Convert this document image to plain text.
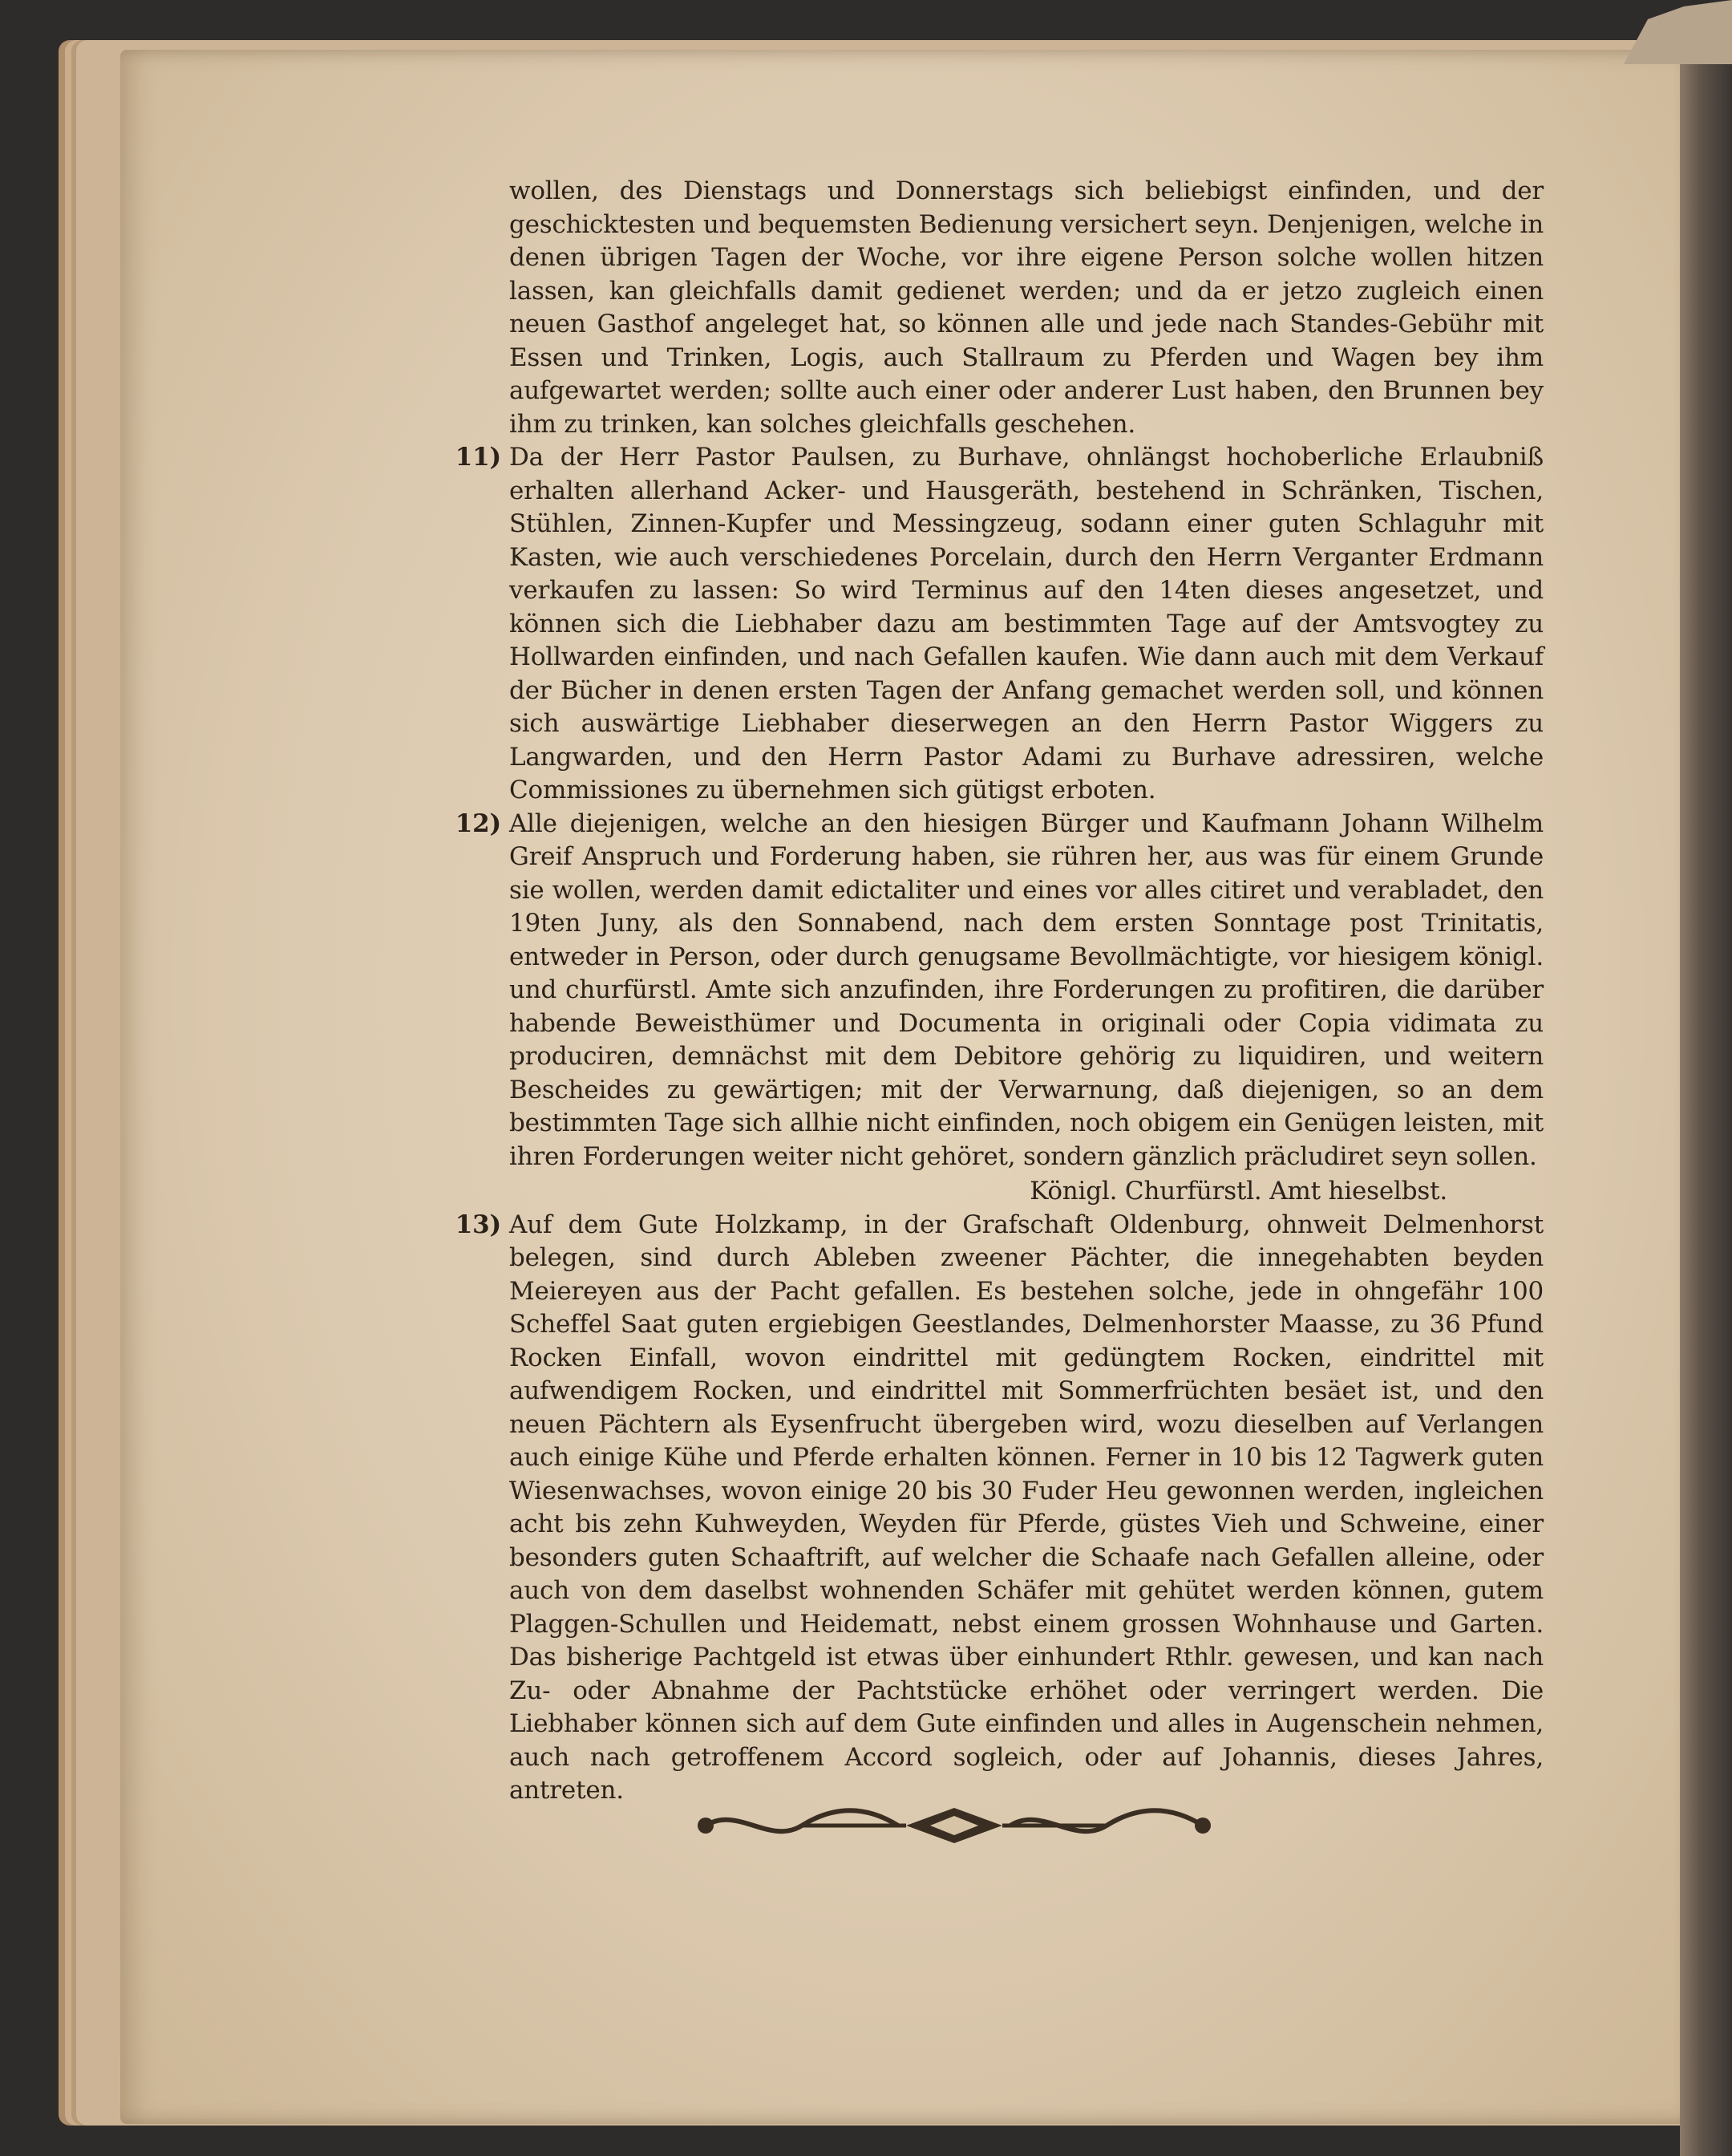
wollen, des Dienstags und Donnerstags sich beliebigst einfinden, und der geschicktesten und bequemsten Bedienung versichert seyn. Denjenigen, welche in denen übrigen Tagen der Woche, vor ihre eigene Person solche wollen hitzen lassen, kan gleichfalls damit gedienet werden; und da er jetzo zugleich einen neuen Gasthof angeleget hat, so können alle und jede nach Standes-Gebühr mit Essen und Trinken, Logis, auch Stallraum zu Pferden und Wagen bey ihm aufgewartet werden; sollte auch einer oder anderer Lust haben, den Brunnen bey ihm zu trinken, kan solches gleichfalls geschehen.
11) Da der Herr Pastor Paulsen, zu Burhave, ohnlängst hochoberliche Erlaubniß erhalten allerhand Acker- und Hausgeräth, bestehend in Schränken, Tischen, Stühlen, Zinnen-Kupfer und Messingzeug, sodann einer guten Schlaguhr mit Kasten, wie auch verschiedenes Porcelain, durch den Herrn Verganter Erdmann verkaufen zu lassen: So wird Terminus auf den 14ten dieses angesetzet, und können sich die Liebhaber dazu am bestimmten Tage auf der Amtsvogtey zu Hollwarden einfinden, und nach Gefallen kaufen. Wie dann auch mit dem Verkauf der Bücher in denen ersten Tagen der Anfang gemachet werden soll, und können sich auswärtige Liebhaber dieserwegen an den Herrn Pastor Wiggers zu Langwarden, und den Herrn Pastor Adami zu Burhave adressiren, welche Commissiones zu übernehmen sich gütigst erboten.
12) Alle diejenigen, welche an den hiesigen Bürger und Kaufmann Johann Wilhelm Greif Anspruch und Forderung haben, sie rühren her, aus was für einem Grunde sie wollen, werden damit edictaliter und eines vor alles citiret und verabladet, den 19ten Juny, als den Sonnabend, nach dem ersten Sonntage post Trinitatis, entweder in Person, oder durch genugsame Bevollmächtigte, vor hiesigem königl. und churfürstl. Amte sich anzufinden, ihre Forderungen zu profitiren, die darüber habende Beweisthümer und Documenta in originali oder Copia vidimata zu produciren, demnächst mit dem Debitore gehörig zu liquidiren, und weitern Bescheides zu gewärtigen; mit der Verwarnung, daß diejenigen, so an dem bestimmten Tage sich allhie nicht einfinden, noch obigem ein Genügen leisten, mit ihren Forderungen weiter nicht gehöret, sondern gänzlich präcludiret seyn sollen.
Königl. Churfürstl. Amt hieselbst.
13) Auf dem Gute Holzkamp, in der Grafschaft Oldenburg, ohnweit Delmenhorst belegen, sind durch Ableben zweener Pächter, die innegehabten beyden Meiereyen aus der Pacht gefallen. Es bestehen solche, jede in ohngefähr 100 Scheffel Saat guten ergiebigen Geestlandes, Delmenhorster Maasse, zu 36 Pfund Rocken Einfall, wovon eindrittel mit gedüngtem Rocken, eindrittel mit aufwendigem Rocken, und eindrittel mit Sommerfrüchten besäet ist, und den neuen Pächtern als Eysenfrucht übergeben wird, wozu dieselben auf Verlangen auch einige Kühe und Pferde erhalten können. Ferner in 10 bis 12 Tagwerk guten Wiesenwachses, wovon einige 20 bis 30 Fuder Heu gewonnen werden, ingleichen acht bis zehn Kuhweyden, Weyden für Pferde, güstes Vieh und Schweine, einer besonders guten Schaaftrift, auf welcher die Schaafe nach Gefallen alleine, oder auch von dem daselbst wohnenden Schäfer mit gehütet werden können, gutem Plaggen-Schullen und Heidematt, nebst einem grossen Wohnhause und Garten. Das bisherige Pachtgeld ist etwas über einhundert Rthlr. gewesen, und kan nach Zu- oder Abnahme der Pachtstücke erhöhet oder verringert werden. Die Liebhaber können sich auf dem Gute einfinden und alles in Augenschein nehmen, auch nach getroffenem Accord sogleich, oder auf Johannis, dieses Jahres, antreten.
